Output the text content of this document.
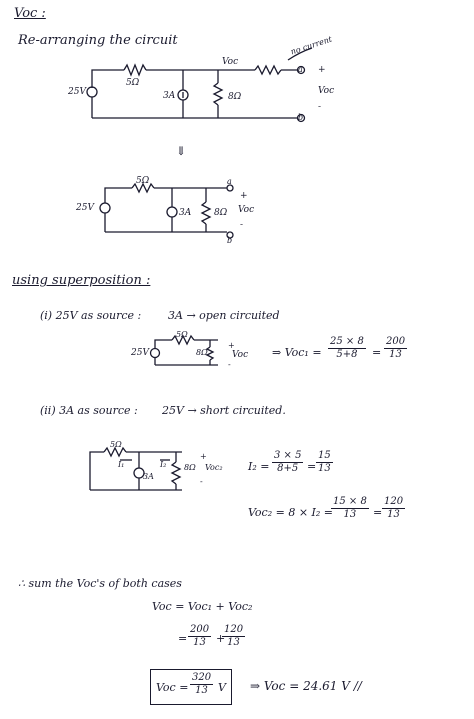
Voc :
Re-arranging the circuit
5Ω
25V	3A	8Ω
Voc
no current
a
b
+
Voc
-
⇓
5Ω
25V	3A	8Ω
a
b
+
Voc
-
using superposition :
(i) 25V as source : 3A → open circuited
5Ω
8Ω
25V
+
Voc
-
⇒ $Voc_1 = \frac{25 \times 8}{5+8} = \frac{200}{13}$
(ii) 3A as source : 25V → short circuited.
5Ω
I₁	I₂
3A
8Ω Voc₂
+
-
$I_2 = \frac{3 \times 5}{8+5} = \frac{15}{13}$
Voc₂ = 8 × I₂ =
$\frac{15 \times 8}{13} = \frac{120}{13}$
∴ sum the Voc's of both cases
Voc = Voc₁ + Voc₂
= $\frac{200}{13}$ +
$\frac{120}{13}$
Voc = $\frac{320}{13}$ V ⇒ Voc = 24.61 V //
